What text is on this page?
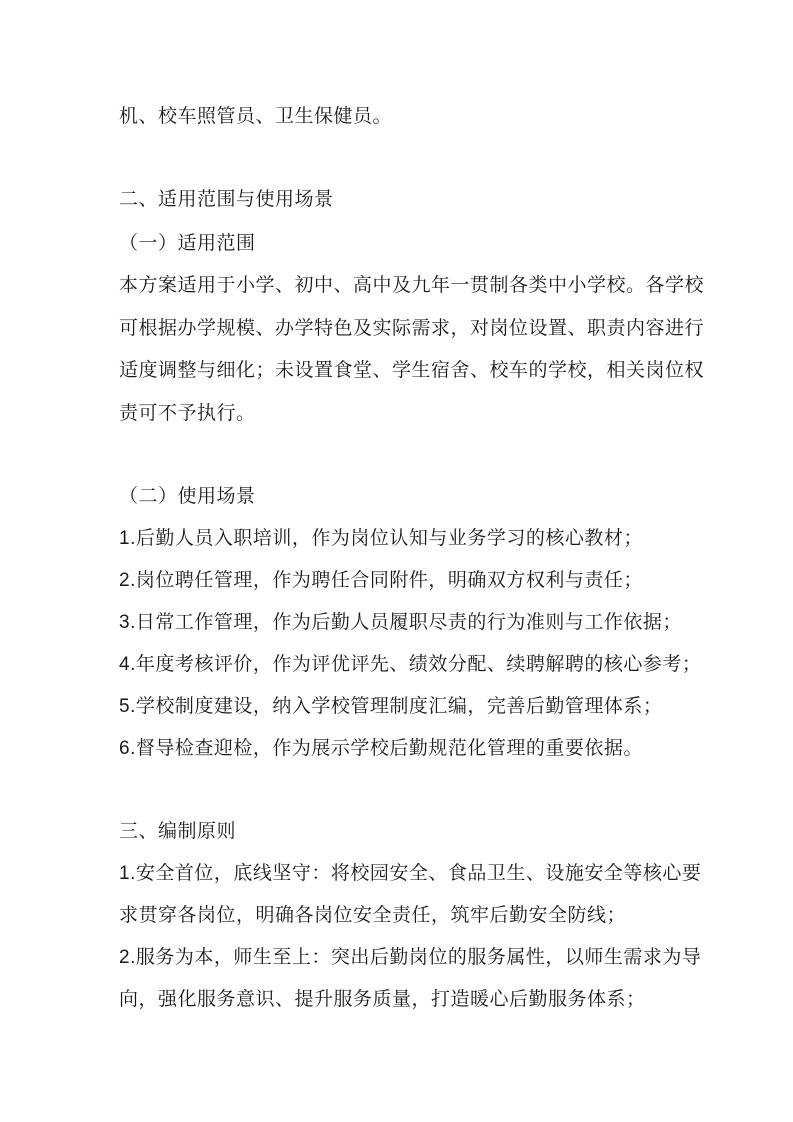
机、校车照管员、卫生保健员。
二、适用范围与使用场景
（一）适用范围
本方案适用于小学、初中、高中及九年一贯制各类中小学校。各学校
可根据办学规模、办学特色及实际需求，对岗位设置、职责内容进行
适度调整与细化；未设置食堂、学生宿舍、校车的学校，相关岗位权
责可不予执行。
（二）使用场景
1.后勤人员入职培训，作为岗位认知与业务学习的核心教材；
2.岗位聘任管理，作为聘任合同附件，明确双方权利与责任；
3.日常工作管理，作为后勤人员履职尽责的行为准则与工作依据；
4.年度考核评价，作为评优评先、绩效分配、续聘解聘的核心参考；
5.学校制度建设，纳入学校管理制度汇编，完善后勤管理体系；
6.督导检查迎检，作为展示学校后勤规范化管理的重要依据。
三、编制原则
1.安全首位，底线坚守：将校园安全、食品卫生、设施安全等核心要
求贯穿各岗位，明确各岗位安全责任，筑牢后勤安全防线；
2.服务为本，师生至上：突出后勤岗位的服务属性，以师生需求为导
向，强化服务意识、提升服务质量，打造暖心后勤服务体系；
